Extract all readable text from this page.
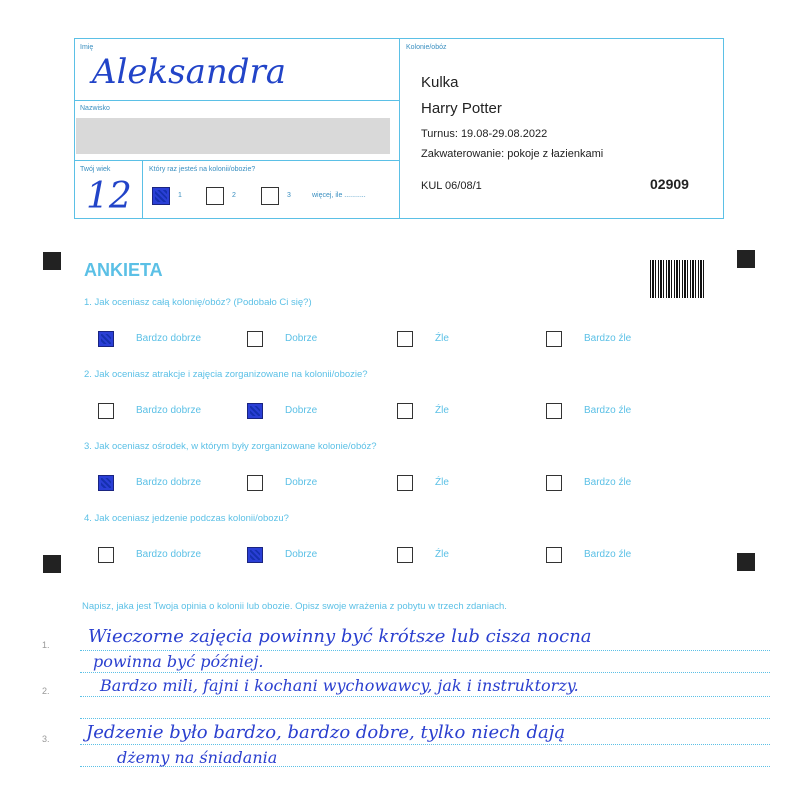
Imię
Aleksandra
Nazwisko
Twój wiek
12
Który raz jesteś na kolonii/obozie?
1	2	3	więcej, ile ...........
Kolonie/obóz
Kulka
Harry Potter
Turnus: 19.08-29.08.2022
Zakwaterowanie: pokoje z łazienkami
KUL 06/08/1	02909
ANKIETA
1. Jak oceniasz całą kolonię/obóz? (Podobało Ci się?)
Bardzo dobrze	Dobrze	Źle	Bardzo źle
2. Jak oceniasz atrakcje i zajęcia zorganizowane na kolonii/obozie?
Bardzo dobrze	Dobrze	Źle	Bardzo źle
3. Jak oceniasz ośrodek, w którym były zorganizowane kolonie/obóz?
Bardzo dobrze	Dobrze	Źle	Bardzo źle
4. Jak oceniasz jedzenie podczas kolonii/obozu?
Bardzo dobrze	Dobrze	Źle	Bardzo źle
Napisz, jaka jest Twoja opinia o kolonii lub obozie. Opisz swoje wrażenia z pobytu w trzech zdaniach.
1.
2.
3.
Wieczorne zajęcia powinny być krótsze lub cisza nocna
powinna być później.
Bardzo mili, fajni i kochani wychowawcy, jak i instruktorzy.
Jedzenie było bardzo, bardzo dobre, tylko niech dają
dżemy na śniadania
